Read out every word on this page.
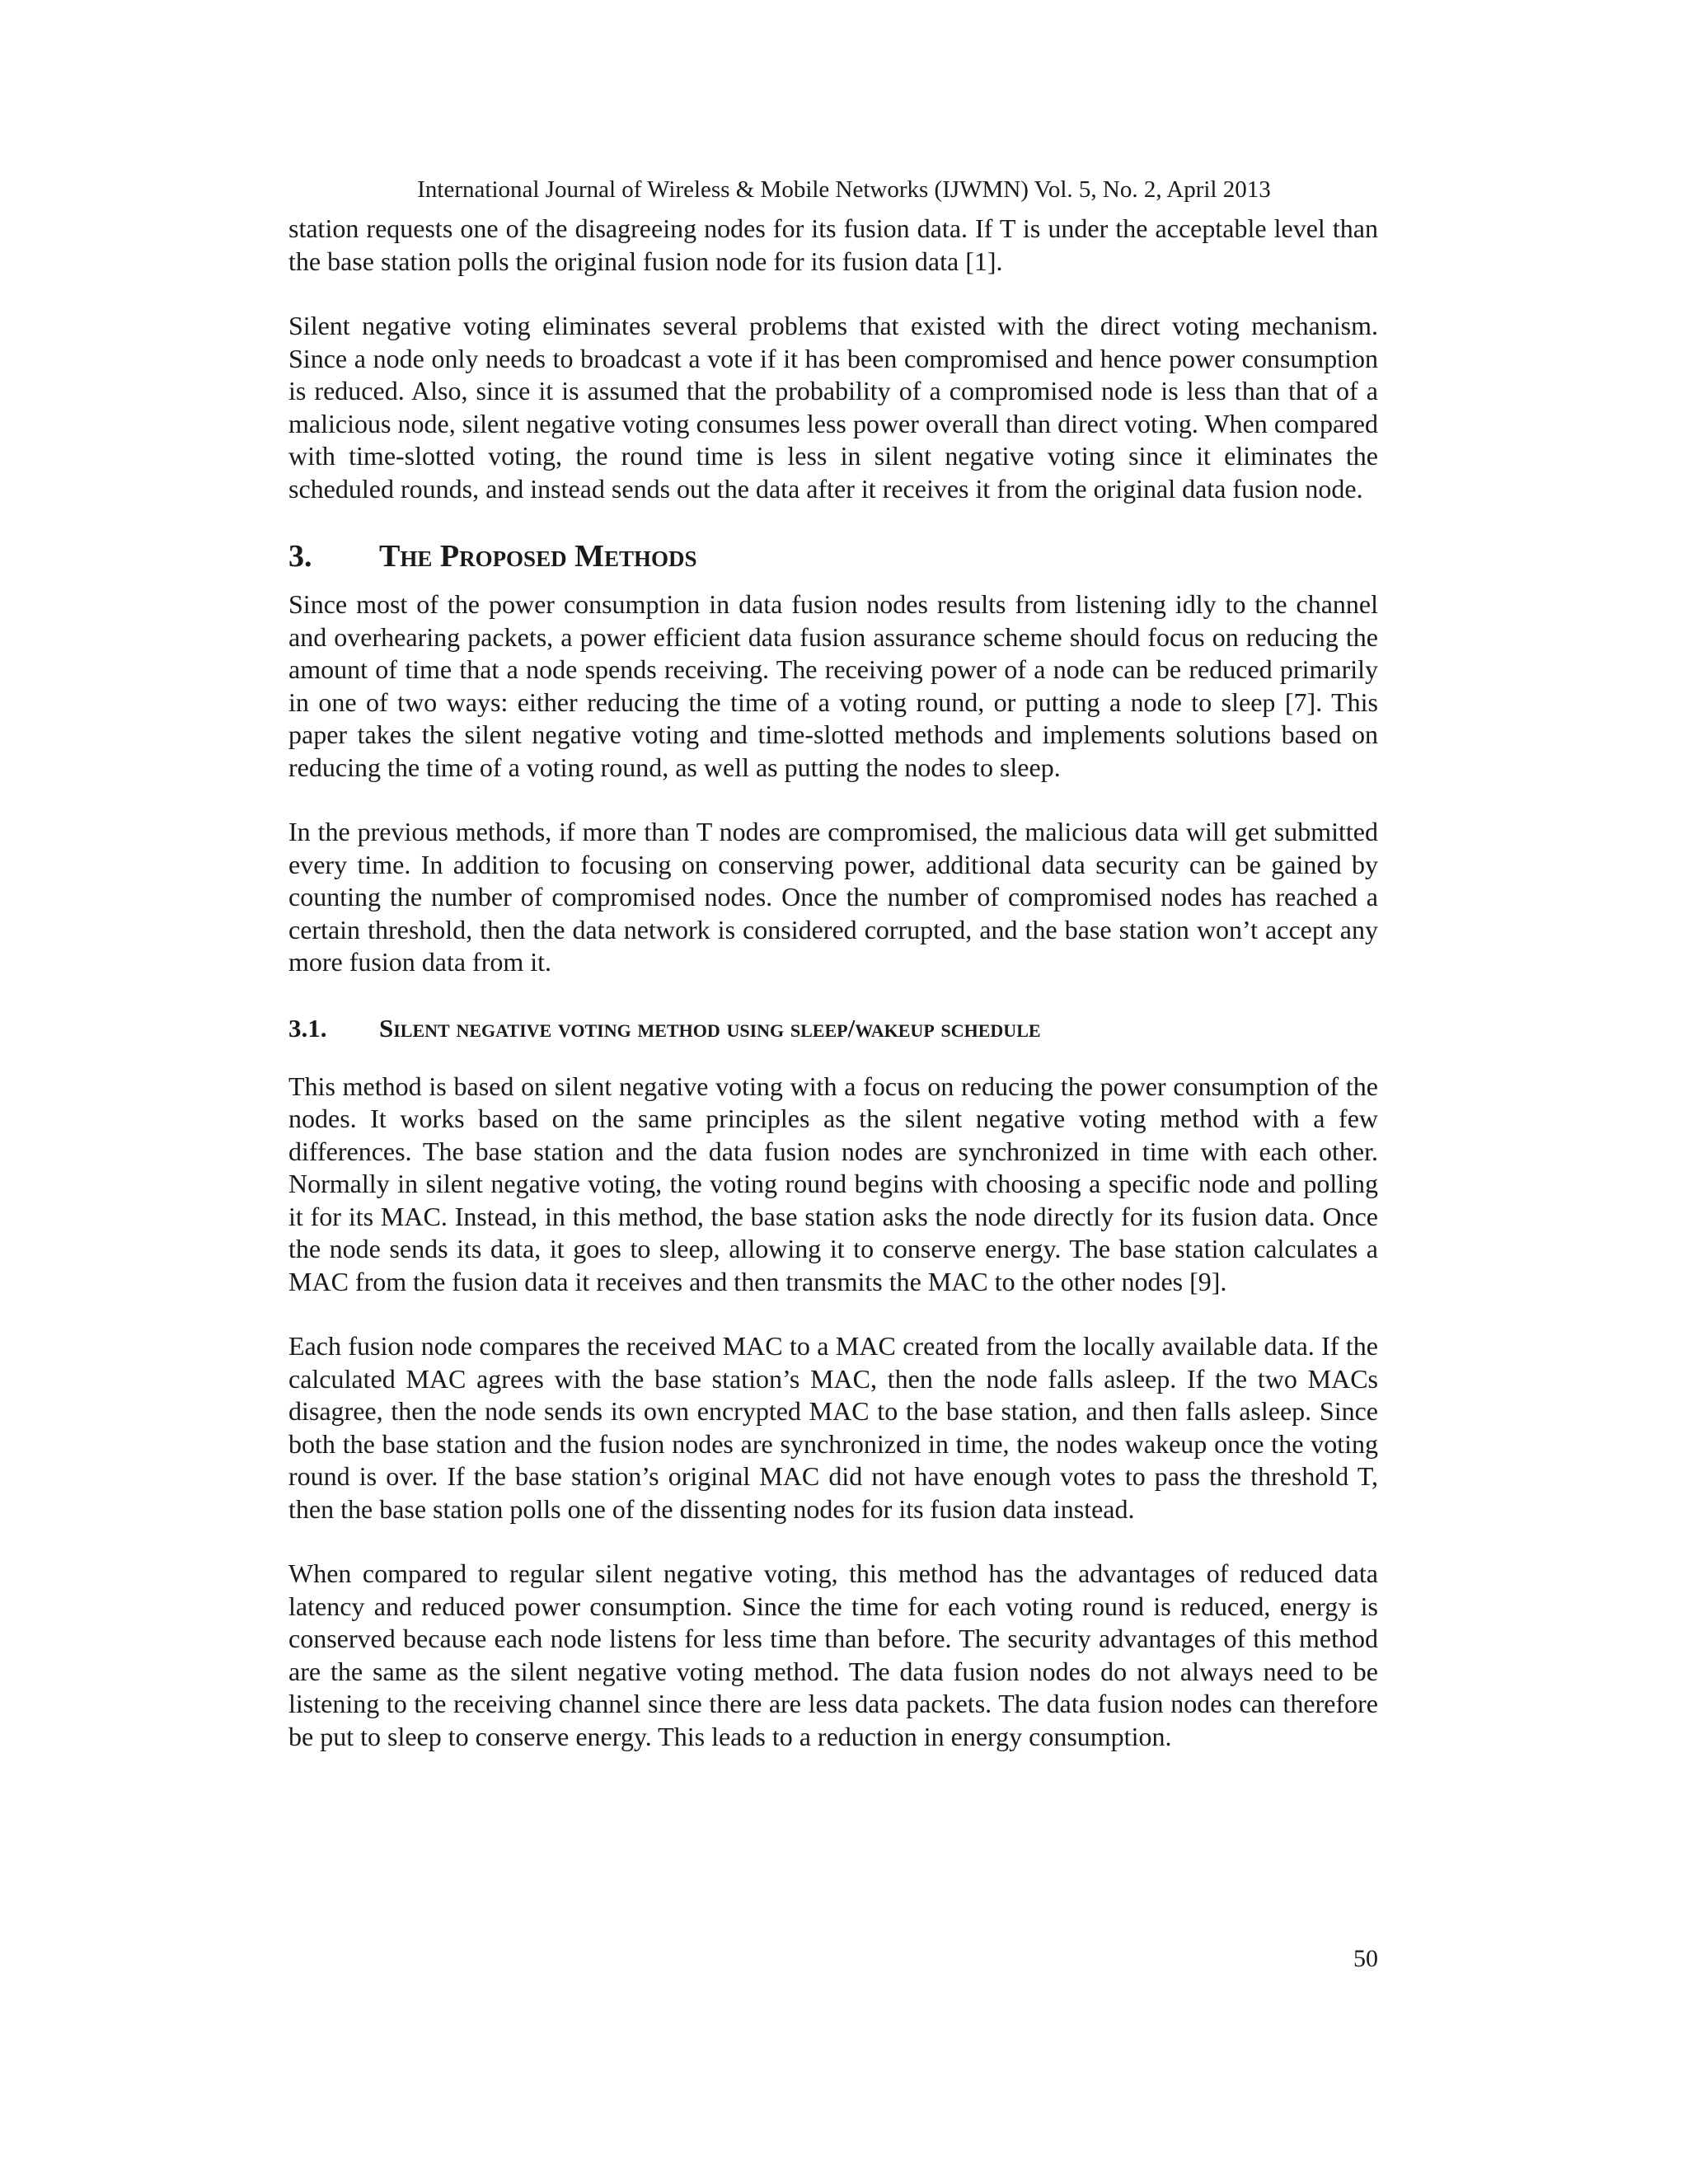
International Journal of Wireless & Mobile Networks (IJWMN) Vol. 5, No. 2, April 2013

station requests one of the disagreeing nodes for its fusion data. If T is under the acceptable level than the base station polls the original fusion node for its fusion data [1].

Silent negative voting eliminates several problems that existed with the direct voting mechanism. Since a node only needs to broadcast a vote if it has been compromised and hence power consumption is reduced. Also, since it is assumed that the probability of a compromised node is less than that of a malicious node, silent negative voting consumes less power overall than direct voting. When compared with time-slotted voting, the round time is less in silent negative voting since it eliminates the scheduled rounds, and instead sends out the data after it receives it from the original data fusion node.

3.	The Proposed Methods

Since most of the power consumption in data fusion nodes results from listening idly to the channel and overhearing packets, a power efficient data fusion assurance scheme should focus on reducing the amount of time that a node spends receiving. The receiving power of a node can be reduced primarily in one of two ways: either reducing the time of a voting round, or putting a node to sleep [7]. This paper takes the silent negative voting and time-slotted methods and implements solutions based on reducing the time of a voting round, as well as putting the nodes to sleep.

In the previous methods, if more than T nodes are compromised, the malicious data will get submitted every time. In addition to focusing on conserving power, additional data security can be gained by counting the number of compromised nodes. Once the number of compromised nodes has reached a certain threshold, then the data network is considered corrupted, and the base station won’t accept any more fusion data from it.

3.1.	Silent negative voting method using sleep/wakeup schedule

This method is based on silent negative voting with a focus on reducing the power consumption of the nodes. It works based on the same principles as the silent negative voting method with a few differences. The base station and the data fusion nodes are synchronized in time with each other. Normally in silent negative voting, the voting round begins with choosing a specific node and polling it for its MAC. Instead, in this method, the base station asks the node directly for its fusion data. Once the node sends its data, it goes to sleep, allowing it to conserve energy. The base station calculates a MAC from the fusion data it receives and then transmits the MAC to the other nodes [9].

Each fusion node compares the received MAC to a MAC created from the locally available data. If the calculated MAC agrees with the base station’s MAC, then the node falls asleep. If the two MACs disagree, then the node sends its own encrypted MAC to the base station, and then falls asleep. Since both the base station and the fusion nodes are synchronized in time, the nodes wakeup once the voting round is over. If the base station’s original MAC did not have enough votes to pass the threshold T, then the base station polls one of the dissenting nodes for its fusion data instead.

When compared to regular silent negative voting, this method has the advantages of reduced data latency and reduced power consumption. Since the time for each voting round is reduced, energy is conserved because each node listens for less time than before. The security advantages of this method are the same as the silent negative voting method. The data fusion nodes do not always need to be listening to the receiving channel since there are less data packets. The data fusion nodes can therefore be put to sleep to conserve energy. This leads to a reduction in energy consumption.

50
